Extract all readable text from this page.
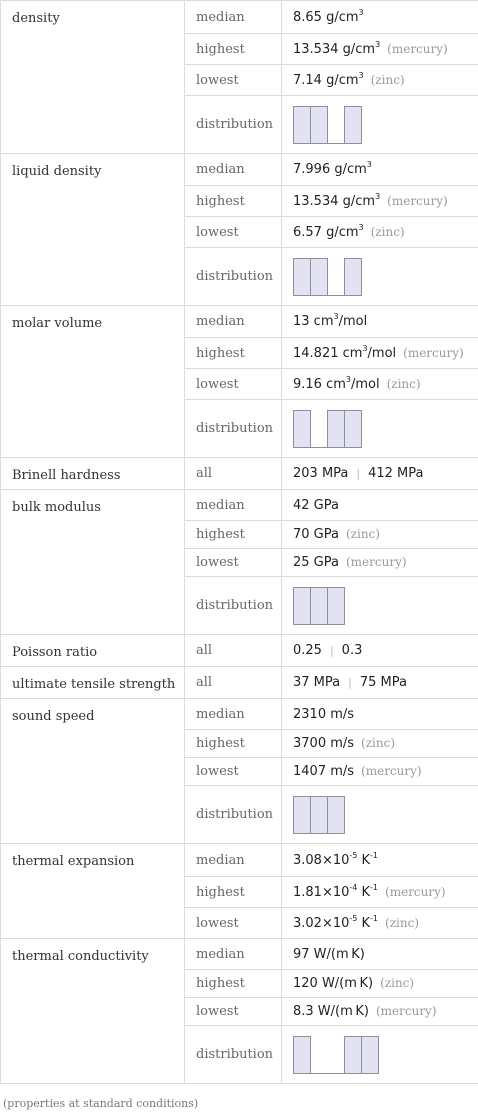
density	median	8.65 $g/cm^3$
	highest	13.534 $g/cm^3$ (mercury)
	lowest	7.14 $g/cm^3$ (zinc)
	distribution	

liquid density	median	7.996 $g/cm^3$
	highest	13.534 $g/cm^3$ (mercury)
	lowest	6.57 $g/cm^3$ (zinc)
	distribution	

molar volume	median	13 $cm^3$/mol
	highest	14.821 $cm^3$/mol (mercury)
	lowest	9.16 $cm^3$/mol (zinc)
	distribution	

Brinell hardness	all	203 MPa | 412 MPa
bulk modulus	median	42 GPa
	highest	70 GPa (zinc)
	lowest	25 GPa (mercury)
	distribution	

Poisson ratio	all	0.25 | 0.3
ultimate tensile strength	all	37 MPa | 75 MPa
sound speed	median	2310 m/s
	highest	3700 m/s (zinc)
	lowest	1407 m/s (mercury)
	distribution	

thermal expansion	median	$3.08\times 10^{-5}$ $K^{-1}$
	highest	$1.81\times 10^{-4}$ $K^{-1}$ (mercury)
	lowest	$3.02\times 10^{-5}$ $K^{-1}$ (zinc)
thermal conductivity	median	97 W/(m K)
	highest	120 W/(m K) (zinc)
	lowest	8.3 W/(m K) (mercury)
	distribution	
(properties at standard conditions)
